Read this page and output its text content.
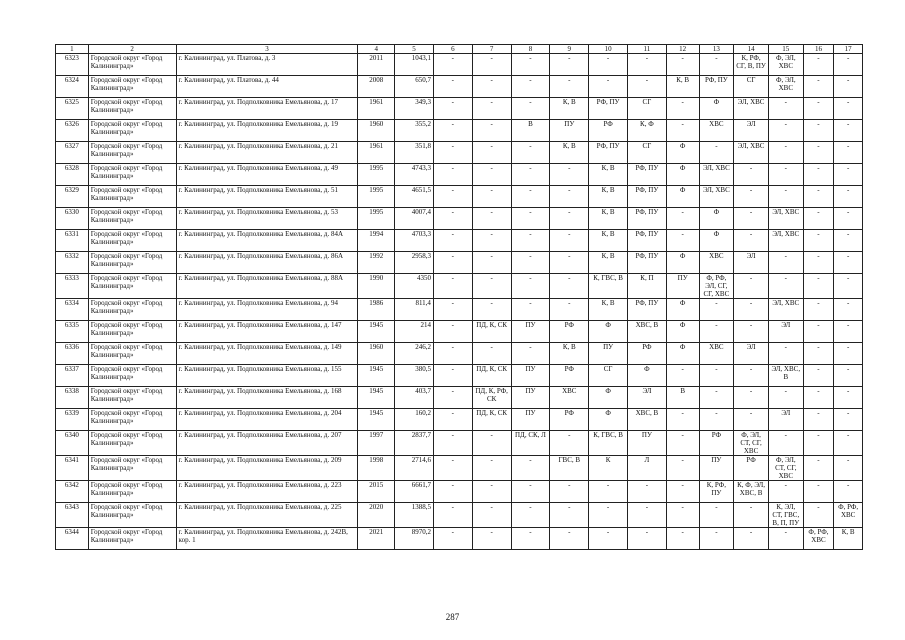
1	2	3	4	5	6	7	8	9	10	11	12	13	14	15	16	17
6323	Городской округ «Город Калининград»	г. Калининград, ул. Платова, д. 3	2011	1043,1	-	-	-	-	-	-	-	-	К, РФ, СГ, В, ПУ	Ф, ЭЛ, ХВС	-	-
6324	Городской округ «Город Калининград»	г. Калининград, ул. Платова, д. 44	2008	650,7	-	-	-	-	-	-	К, В	РФ, ПУ	СГ	Ф, ЭЛ, ХВС	-	-
6325	Городской округ «Город Калининград»	г. Калининград, ул. Подполковника Емельянова, д. 17	1961	349,3	-	-	-	К, В	РФ, ПУ	СГ	-	Ф	ЭЛ, ХВС	-	-	-
6326	Городской округ «Город Калининград»	г. Калининград, ул. Подполковника Емельянова, д. 19	1960	355,2	-	-	В	ПУ	РФ	К, Ф	-	ХВС	ЭЛ	-	-	-
6327	Городской округ «Город Калининград»	г. Калининград, ул. Подполковника Емельянова, д. 21	1961	351,8	-	-	-	К, В	РФ, ПУ	СГ	Ф	-	ЭЛ, ХВС	-	-	-
6328	Городской округ «Город Калининград»	г. Калининград, ул. Подполковника Емельянова, д. 49	1995	4743,3	-	-	-	-	К, В	РФ, ПУ	Ф	ЭЛ, ХВС	-	-	-	-
6329	Городской округ «Город Калининград»	г. Калининград, ул. Подполковника Емельянова, д. 51	1995	4651,5	-	-	-	-	К, В	РФ, ПУ	Ф	ЭЛ, ХВС	-	-	-	-
6330	Городской округ «Город Калининград»	г. Калининград, ул. Подполковника Емельянова, д. 53	1995	4007,4	-	-	-	-	К, В	РФ, ПУ	-	Ф	-	ЭЛ, ХВС	-	-
6331	Городской округ «Город Калининград»	г. Калининград, ул. Подполковника Емельянова, д. 84А	1994	4703,3	-	-	-	-	К, В	РФ, ПУ	-	Ф	-	ЭЛ, ХВС	-	-
6332	Городской округ «Город Калининград»	г. Калининград, ул. Подполковника Емельянова, д. 86А	1992	2958,3	-	-	-	-	К, В	РФ, ПУ	Ф	ХВС	ЭЛ	-	-	-
6333	Городской округ «Город Калининград»	г. Калининград, ул. Подполковника Емельянова, д. 88А	1990	4350	-	-	-	-	К, ГВС, В	К, П	ПУ	Ф, РФ, ЭЛ, СГ, СГ, ХВС	-	-	-	-
6334	Городской округ «Город Калининград»	г. Калининград, ул. Подполковника Емельянова, д. 94	1986	811,4	-	-	-	-	К, В	РФ, ПУ	Ф	-	-	ЭЛ, ХВС	-	-
6335	Городской округ «Город Калининград»	г. Калининград, ул. Подполковника Емельянова, д. 147	1945	214	-	ПД, К, СК	ПУ	РФ	Ф	ХВС, В	Ф	-	-	ЭЛ	-	-
6336	Городской округ «Город Калининград»	г. Калининград, ул. Подполковника Емельянова, д. 149	1960	246,2	-	-	-	К, В	ПУ	РФ	Ф	ХВС	ЭЛ	-	-	-
6337	Городской округ «Город Калининград»	г. Калининград, ул. Подполковника Емельянова, д. 155	1945	380,5	-	ПД, К, СК	ПУ	РФ	СГ	Ф	-	-	-	ЭЛ, ХВС, В	-	-
6338	Городской округ «Город Калининград»	г. Калининград, ул. Подполковника Емельянова, д. 168	1945	403,7	-	ПД, К, РФ, СК	ПУ	ХВС	Ф	ЭЛ	В	-	-	-	-	-
6339	Городской округ «Город Калининград»	г. Калининград, ул. Подполковника Емельянова, д. 204	1945	160,2	-	ПД, К, СК	ПУ	РФ	Ф	ХВС, В	-	-	-	ЭЛ	-	-
6340	Городской округ «Город Калининград»	г. Калининград, ул. Подполковника Емельянова, д. 207	1997	2837,7	-	-	ПД, СК, Л	-	К, ГВС, В	ПУ	-	РФ	Ф, ЭЛ, СТ, СГ, ХВС	-	-	-
6341	Городской округ «Город Калининград»	г. Калининград, ул. Подполковника Емельянова, д. 209	1998	2714,6	-	-	-	ГВС, В	К	Л	-	ПУ	РФ	Ф, ЭЛ, СТ, СГ, ХВС	-	-
6342	Городской округ «Город Калининград»	г. Калининград, ул. Подполковника Емельянова, д. 223	2015	6661,7	-	-	-	-	-	-	-	К, РФ, ПУ	К, Ф, ЭЛ, ХВС, В	-	-	-
6343	Городской округ «Город Калининград»	г. Калининград, ул. Подполковника Емельянова, д. 225	2020	1388,5	-	-	-	-	-	-	-	-	-	К, ЭЛ, СТ, ГВС, В, П, ПУ	-	Ф, РФ, ХВС
6344	Городской округ «Город Калининград»	г. Калининград, ул. Подполковника Емельянова, д. 242В, кор. 1	2021	8970,2	-	-	-	-	-	-	-	-	-	-	Ф, РФ, ХВС	К, В
287
